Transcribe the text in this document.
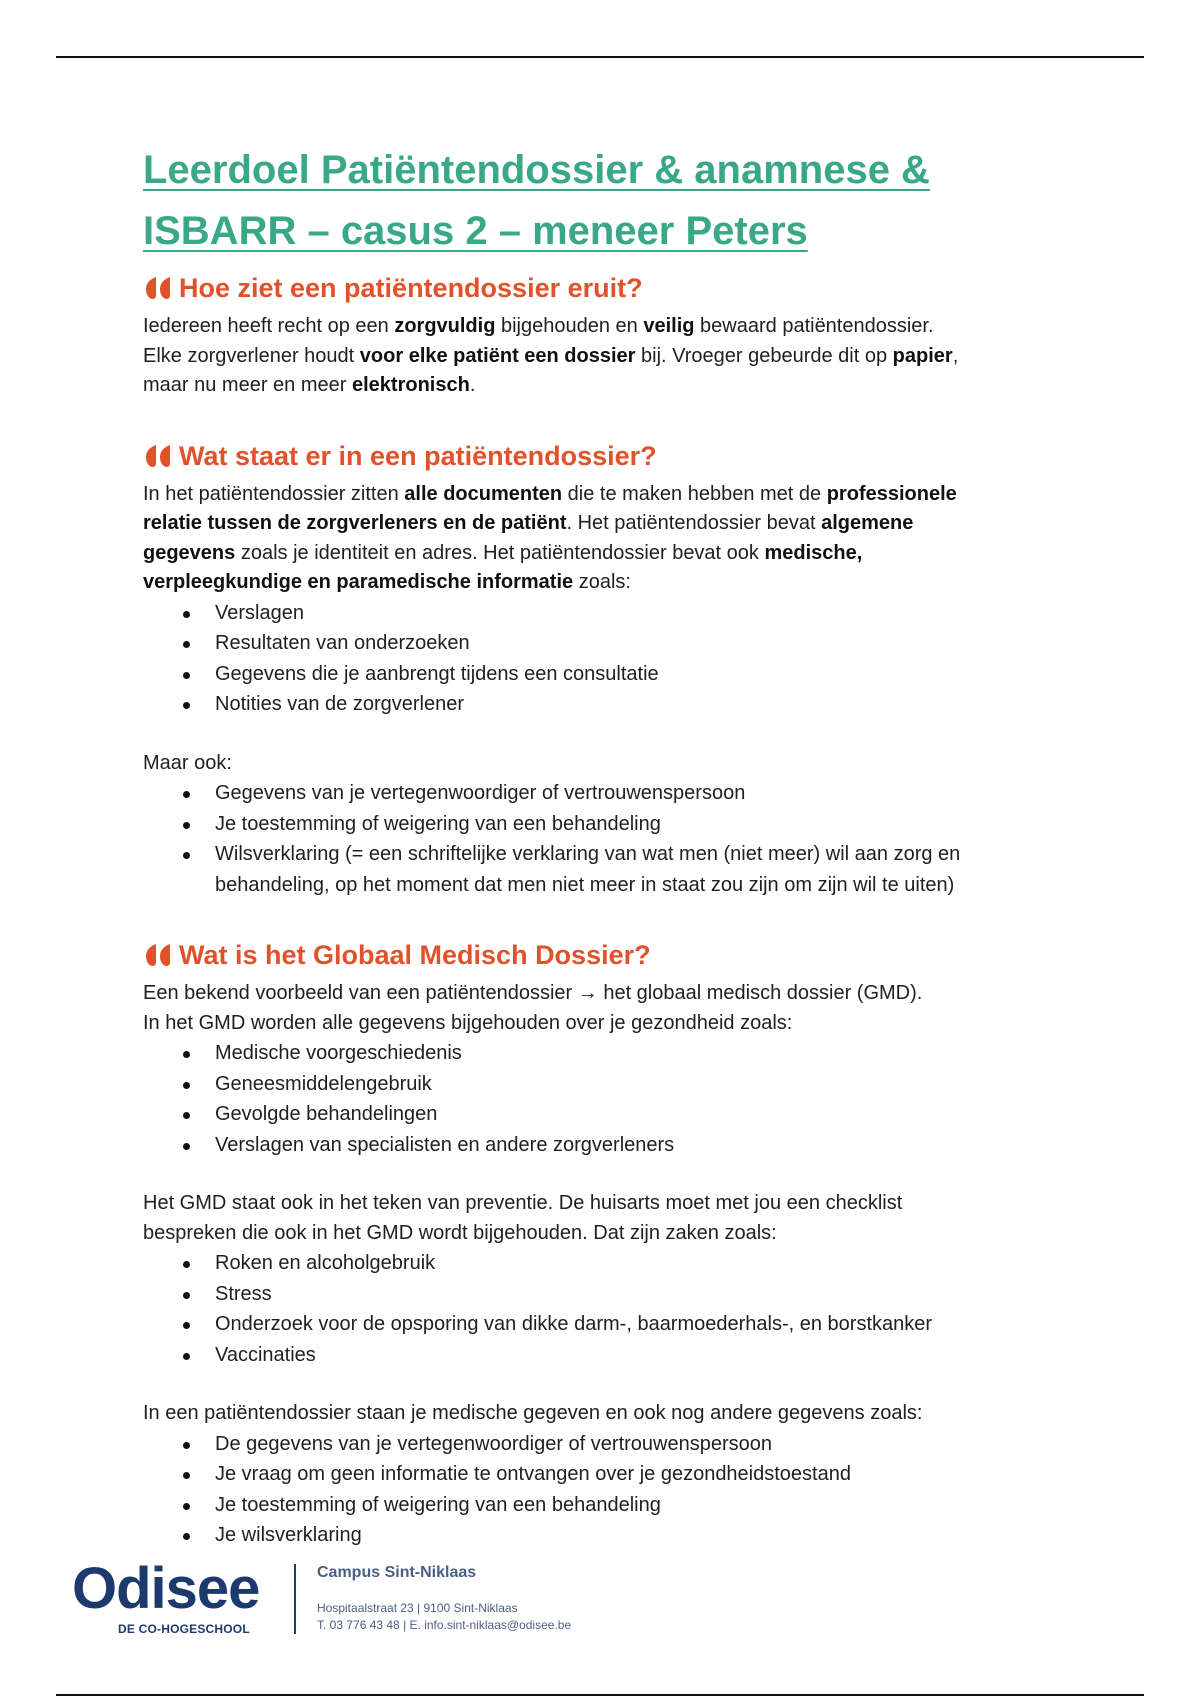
Leerdoel Patiëntendossier & anamnese &
ISBARR – casus 2 – meneer Peters
Hoe ziet een patiëntendossier eruit?

Iedereen heeft recht op een zorgvuldig bijgehouden en veilig bewaard patiëntendossier.
Elke zorgverlener houdt voor elke patiënt een dossier bij. Vroeger gebeurde dit op papier,
maar nu meer en meer elektronisch.

Wat staat er in een patiëntendossier?

In het patiëntendossier zitten alle documenten die te maken hebben met de professionele
relatie tussen de zorgverleners en de patiënt. Het patiëntendossier bevat algemene
gegevens zoals je identiteit en adres. Het patiëntendossier bevat ook medische,
verpleegkundige en paramedische informatie zoals:

Verslagen
Resultaten van onderzoeken
Gegevens die je aanbrengt tijdens een consultatie
Notities van de zorgverlener

Maar ook:

Gegevens van je vertegenwoordiger of vertrouwenspersoon
Je toestemming of weigering van een behandeling
Wilsverklaring (= een schriftelijke verklaring van wat men (niet meer) wil aan zorg en
behandeling, op het moment dat men niet meer in staat zou zijn om zijn wil te uiten)
Wat is het Globaal Medisch Dossier?

Een bekend voorbeeld van een patiëntendossier → het globaal medisch dossier (GMD).
In het GMD worden alle gegevens bijgehouden over je gezondheid zoals:

Medische voorgeschiedenis
Geneesmiddelengebruik
Gevolgde behandelingen
Verslagen van specialisten en andere zorgverleners

Het GMD staat ook in het teken van preventie. De huisarts moet met jou een checklist
bespreken die ook in het GMD wordt bijgehouden. Dat zijn zaken zoals:

Roken en alcoholgebruik
Stress
Onderzoek voor de opsporing van dikke darm-, baarmoederhals-, en borstkanker
Vaccinaties

In een patiëntendossier staan je medische gegeven en ook nog andere gegevens zoals:

De gegevens van je vertegenwoordiger of vertrouwenspersoon
Je vraag om geen informatie te ontvangen over je gezondheidstoestand
Je toestemming of weigering van een behandeling
Je wilsverklaring
Odisee
DE CO-HOGESCHOOL
Campus Sint-Niklaas
Hospitaalstraat 23 | 9100 Sint-Niklaas
T. 03 776 43 48 | E. info.sint-niklaas@odisee.be
